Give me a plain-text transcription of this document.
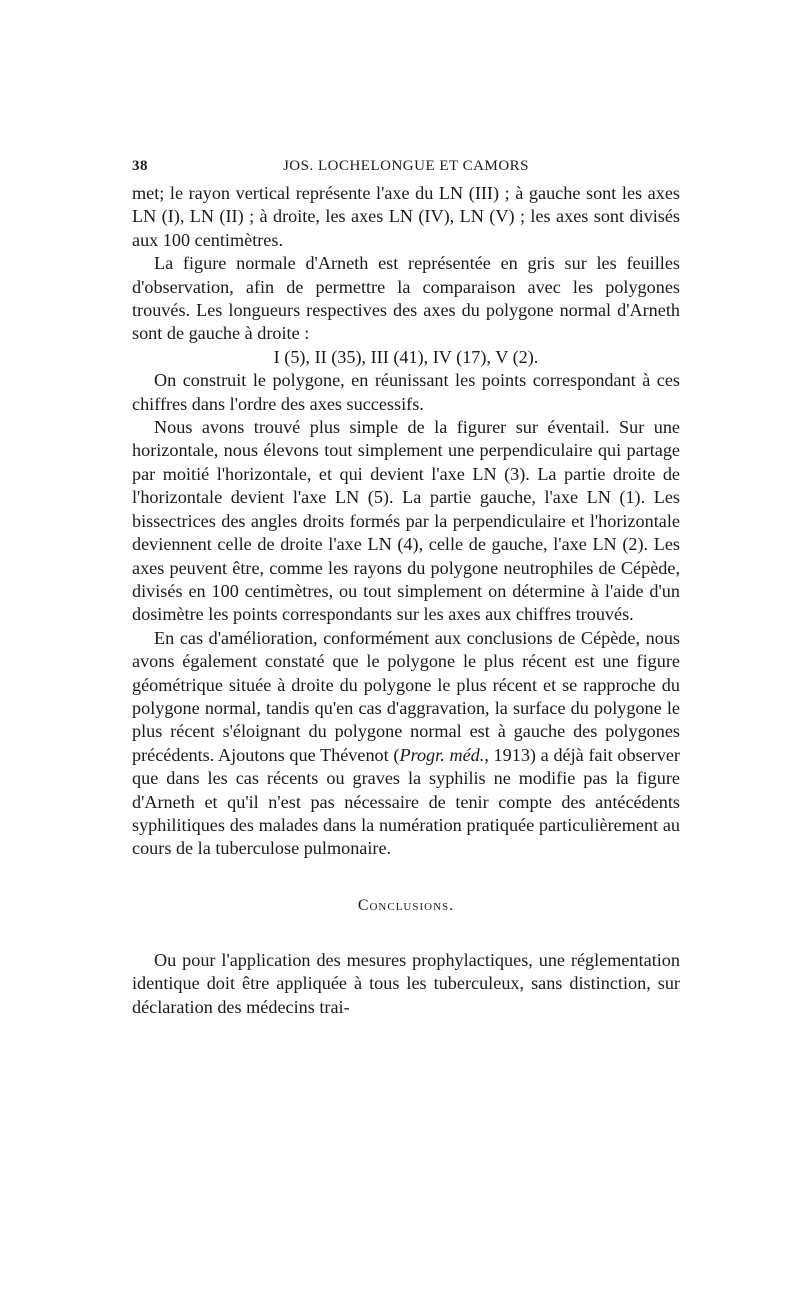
38	JOS. LOCHELONGUE ET CAMORS

met; le rayon vertical représente l'axe du LN (III) ; à gauche sont les axes LN (I), LN (II) ; à droite, les axes LN (IV), LN (V) ; les axes sont divisés aux 100 centimètres.

La figure normale d'Arneth est représentée en gris sur les feuilles d'observation, afin de permettre la comparaison avec les polygones trouvés. Les longueurs respectives des axes du polygone normal d'Arneth sont de gauche à droite :

I (5), II (35), III (41), IV (17), V (2).

On construit le polygone, en réunissant les points correspondant à ces chiffres dans l'ordre des axes successifs.

Nous avons trouvé plus simple de la figurer sur éventail. Sur une horizontale, nous élevons tout simplement une perpendiculaire qui partage par moitié l'horizontale, et qui devient l'axe LN (3). La partie droite de l'horizontale devient l'axe LN (5). La partie gauche, l'axe LN (1). Les bissectrices des angles droits formés par la perpendiculaire et l'horizontale deviennent celle de droite l'axe LN (4), celle de gauche, l'axe LN (2). Les axes peuvent être, comme les rayons du polygone neutrophiles de Cépède, divisés en 100 centimètres, ou tout simplement on détermine à l'aide d'un dosimètre les points correspondants sur les axes aux chiffres trouvés.

En cas d'amélioration, conformément aux conclusions de Cépède, nous avons également constaté que le polygone le plus récent est une figure géométrique située à droite du polygone le plus récent et se rapproche du polygone normal, tandis qu'en cas d'aggravation, la surface du polygone le plus récent s'éloignant du polygone normal est à gauche des polygones précédents. Ajoutons que Thévenot (Progr. méd., 1913) a déjà fait observer que dans les cas récents ou graves la syphilis ne modifie pas la figure d'Arneth et qu'il n'est pas nécessaire de tenir compte des antécédents syphilitiques des malades dans la numération pratiquée particulièrement au cours de la tuberculose pulmonaire.

Conclusions.

Ou pour l'application des mesures prophylactiques, une réglementation identique doit être appliquée à tous les tuberculeux, sans distinction, sur déclaration des médecins trai-
